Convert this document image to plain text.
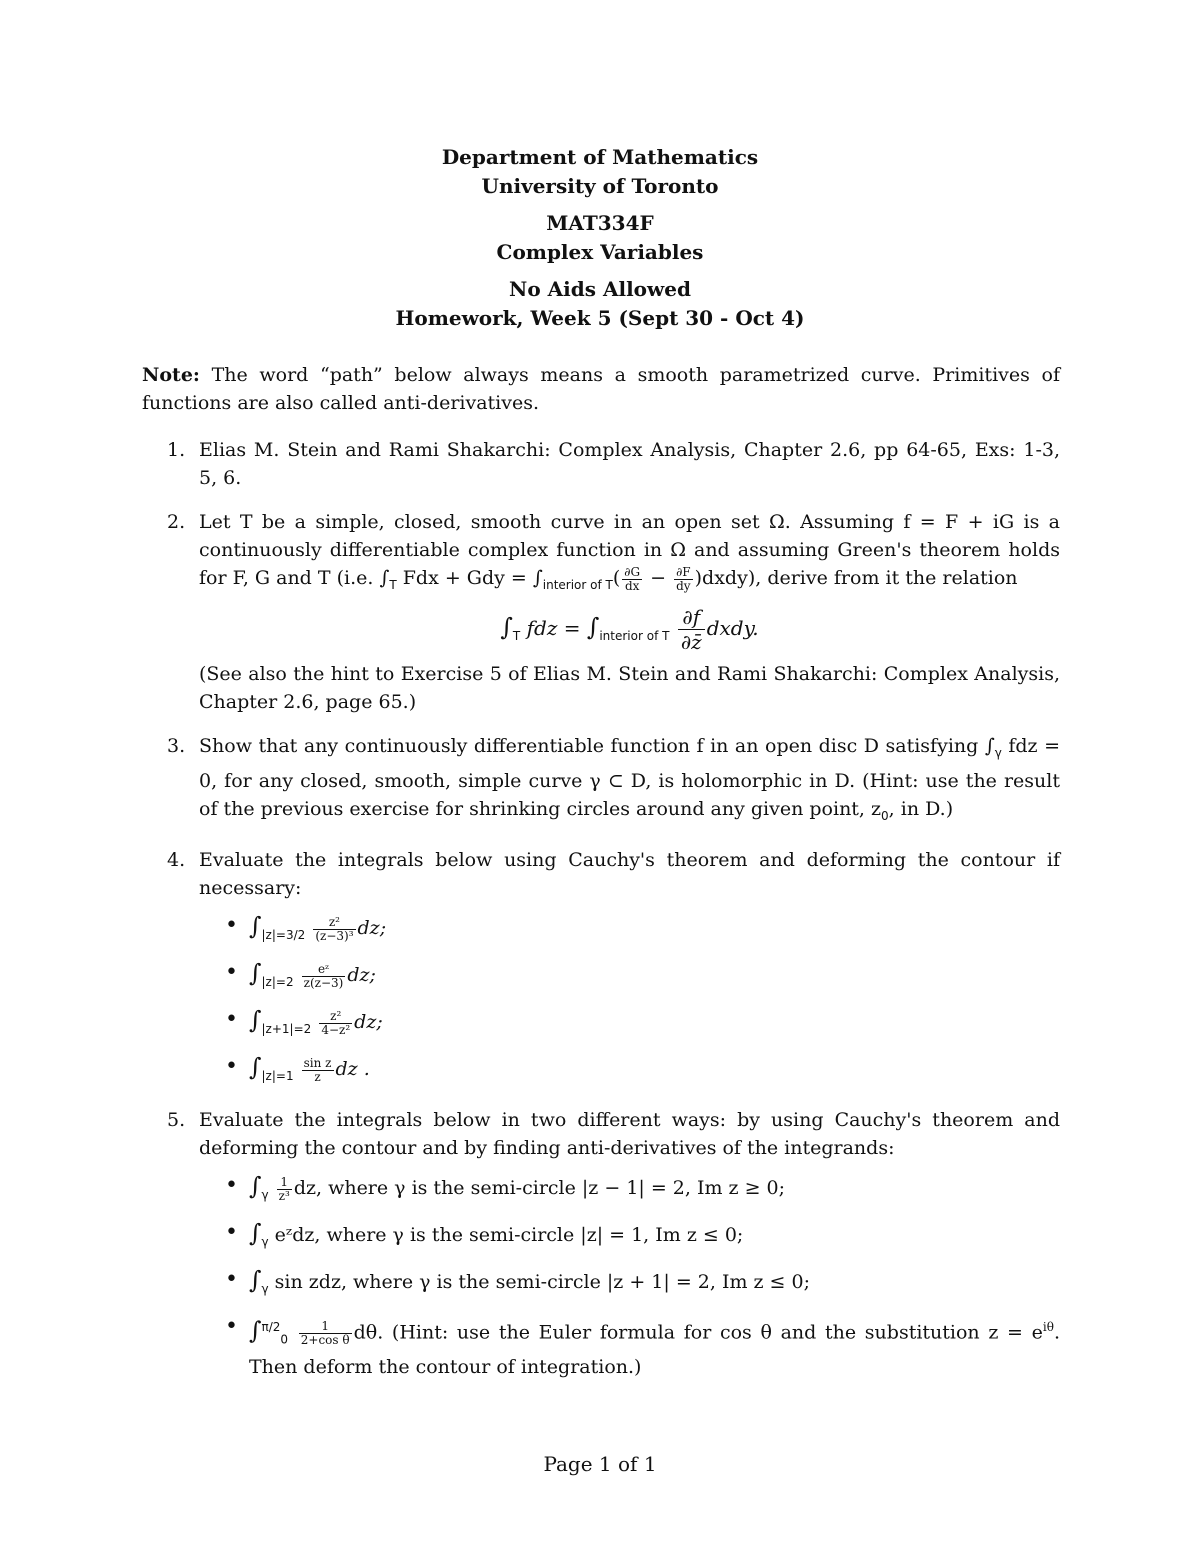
Department of Mathematics
University of Toronto
MAT334F
Complex Variables
No Aids Allowed
Homework, Week 5 (Sept 30 - Oct 4)
Note: The word “path” below always means a smooth parametrized curve. Primitives of functions are also called anti-derivatives.
1. Elias M. Stein and Rami Shakarchi: Complex Analysis, Chapter 2.6, pp 64-65, Exs: 1-3, 5, 6.
2. Let T be a simple, closed, smooth curve in an open set Ω. Assuming f = F + iG is a continuously differentiable complex function in Ω and assuming Green's theorem holds for F, G and T (i.e. $\int_T$ Fdx + Gdy = $\int_{interior of T}( \frac{\partial G}{dx} - \frac{\partial F}{dy}$ )dxdy), derive from it the relation
$\int_T$ fdz = $\int_{interior of T} \frac{\partial f}{\partial z̄}$ dxdy.
(See also the hint to Exercise 5 of Elias M. Stein and Rami Shakarchi: Complex Analysis, Chapter 2.6, page 65.)
3. Show that any continuously differentiable function f in an open disc D satisfying $\int_\gamma$ fdz = 0, for any closed, smooth, simple curve γ ⊂ D, is holomorphic in D. (Hint: use the result of the previous exercise for shrinking circles around any given point, $z_0$, in D.)
4. Evaluate the integrals below using Cauchy's theorem and deforming the contour if necessary:
• $\int_{|z|=3/2} \frac{\text{z²}}{\text{(z−3)³}}$ dz;
• $\int_{|z|=2} \frac{\text{eᶻ}}{z(z-3)}$ dz;
• $\int_{|z+1|=2} \frac{\text{z²}}{\text{4−z²}}$ dz;
• $\int_{|z|=1} \frac{\text{sin z}}{z}$ dz .
5. Evaluate the integrals below in two different ways: by using Cauchy's theorem and deforming the contour and by finding anti-derivatives of the integrands:
• $\int_\gamma \frac{1}{\text{z³}}$ dz, where γ is the semi-circle |z − 1| = 2, Im z ≥ 0;
• $\int_\gamma$ eᶻdz, where γ is the semi-circle |z| = 1, Im z ≤ 0;
• $\int_\gamma$ sin zdz, where γ is the semi-circle |z + 1| = 2, Im z ≤ 0;
• $\int^{\pi/2}_0 \frac{1}{\text{2+cos θ}} d\theta$. (Hint: use the Euler formula for cos θ and the substitution $z = e^{i\theta}$. Then deform the contour of integration.)
Page 1 of 1
